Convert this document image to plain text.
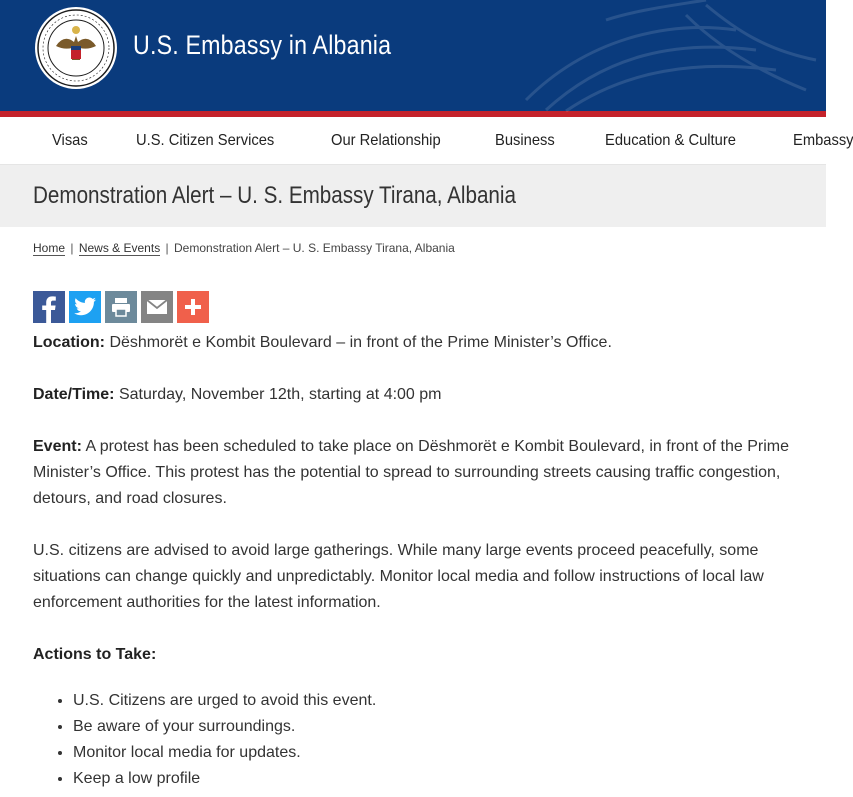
U.S. Embassy in Albania
Visas	U.S. Citizen Services	Our Relationship	Business	Education & Culture	Embassy
Demonstration Alert – U. S. Embassy Tirana, Albania
Home | News & Events | Demonstration Alert – U. S. Embassy Tirana, Albania

Location: Dëshmorët e Kombit Boulevard – in front of the Prime Minister’s Office.

Date/Time: Saturday, November 12th, starting at 4:00 pm

Event: A protest has been scheduled to take place on Dëshmorët e Kombit Boulevard, in front of the Prime Minister’s Office. This protest has the potential to spread to surrounding streets causing traffic congestion, detours, and road closures.

U.S. citizens are advised to avoid large gatherings. While many large events proceed peacefully, some situations can change quickly and unpredictably. Monitor local media and follow instructions of local law enforcement authorities for the latest information.

Actions to Take:

• U.S. Citizens are urged to avoid this event.
• Be aware of your surroundings.
• Monitor local media for updates.
• Keep a low profile
